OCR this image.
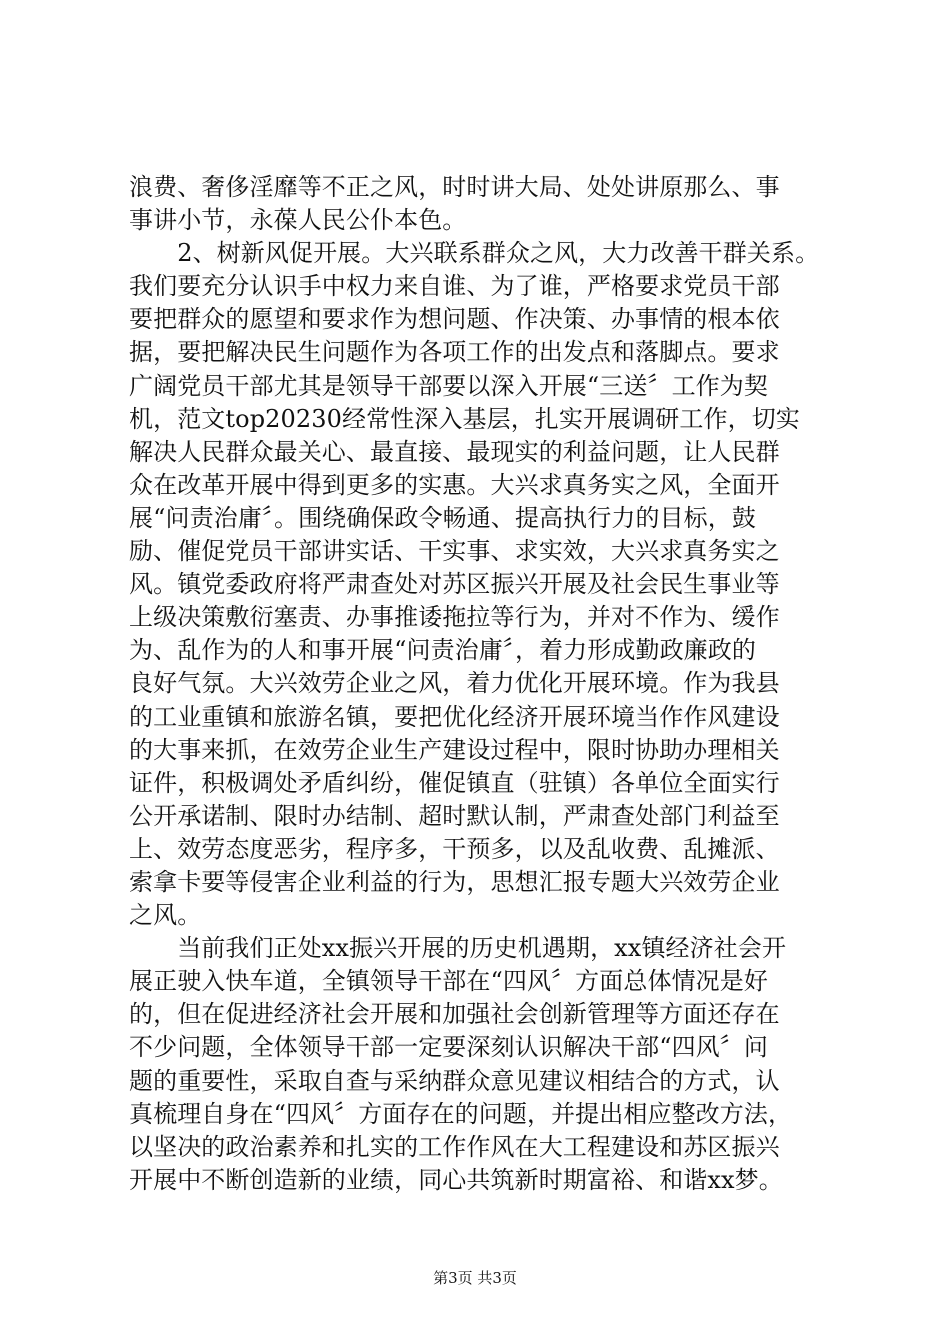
浪费、奢侈淫靡等不正之风，时时讲大局、处处讲原那么、事
事讲小节，永葆人民公仆本色。
　　2、树新风促开展。大兴联系群众之风，大力改善干群关系。
我们要充分认识手中权力来自谁、为了谁，严格要求党员干部
要把群众的愿望和要求作为想问题、作决策、办事情的根本依
据，要把解决民生问题作为各项工作的出发点和落脚点。要求
广阔党员干部尤其是领导干部要以深入开展“三送〞工作为契
机，范文top20230经常性深入基层，扎实开展调研工作，切实
解决人民群众最关心、最直接、最现实的利益问题，让人民群
众在改革开展中得到更多的实惠。大兴求真务实之风，全面开
展“问责治庸〞。围绕确保政令畅通、提高执行力的目标，鼓
励、催促党员干部讲实话、干实事、求实效，大兴求真务实之
风。镇党委政府将严肃查处对苏区振兴开展及社会民生事业等
上级决策敷衍塞责、办事推诿拖拉等行为，并对不作为、缓作
为、乱作为的人和事开展“问责治庸〞，着力形成勤政廉政的
良好气氛。大兴效劳企业之风，着力优化开展环境。作为我县
的工业重镇和旅游名镇，要把优化经济开展环境当作作风建设
的大事来抓，在效劳企业生产建设过程中，限时协助办理相关
证件，积极调处矛盾纠纷，催促镇直（驻镇）各单位全面实行
公开承诺制、限时办结制、超时默认制，严肃查处部门利益至
上、效劳态度恶劣，程序多，干预多，以及乱收费、乱摊派、
索拿卡要等侵害企业利益的行为，思想汇报专题大兴效劳企业
之风。
　　当前我们正处xx振兴开展的历史机遇期，xx镇经济社会开
展正驶入快车道，全镇领导干部在“四风〞方面总体情况是好
的，但在促进经济社会开展和加强社会创新管理等方面还存在
不少问题，全体领导干部一定要深刻认识解决干部“四风〞问
题的重要性，采取自查与采纳群众意见建议相结合的方式，认
真梳理自身在“四风〞方面存在的问题，并提出相应整改方法，
以坚决的政治素养和扎实的工作作风在大工程建设和苏区振兴
开展中不断创造新的业绩，同心共筑新时期富裕、和谐xx梦。
第3页 共3页
